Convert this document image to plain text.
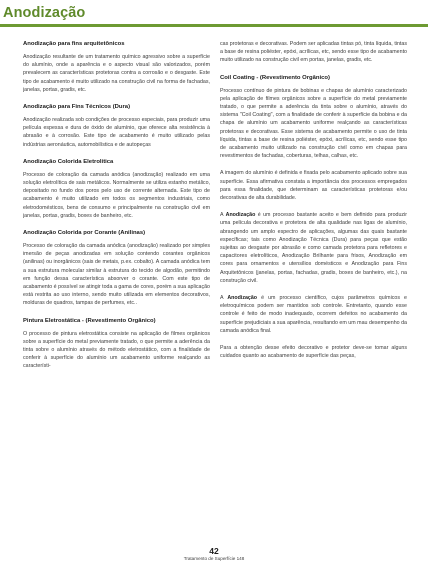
Anodização
Anodização para fins arquitetônicos

Anodização resultante de um tratamento químico agressivo sobre a superfície do alumínio, onde a aparência e o aspecto visual são valorizados, porém prevalecem as características protetoras contra a corrosão e o desgaste. Este tipo de acabamento é muito utilizado na construção civil na forma de fachadas, janelas, portas, gradis, etc.

Anodização para Fins Técnicos (Dura)

Anodização realizada sob condições de processo especiais, para produzir uma película espessa e dura de óxido de alumínio, que oferece alta resistência à abrasão e à corrosão. Este tipo de acabamento é muito utilizado pelas indústrias aeronáutica, automobilística e de autopeças

Anodização Colorida Eletrolítica

Processo de coloração da camada anódica (anodização) realizado em uma solução eletrolítica de sais metálicos. Normalmente se utiliza estanho metálico, depositado no fundo dos poros pelo uso de corrente alternada. Este tipo de acabamento é muito utilizado em todos os segmentos industriais, como eletrodomésticos, bens de consumo e principalmente na construção civil em janelas, portas, gradis, boxes de banheiro, etc.

Anodização Colorida por Corante (Anilinas)

Processo de coloração da camada anódica (anodização) realizado por simples imersão de peças anodizadas em solução contendo corantes orgânicos (anilinas) ou inorgânicos (sais de metais, p.ex. cobalto). A camada anódica tem a sua estrutura molecular similar à estrutura do tecido de algodão, permitindo em função dessa característica absorver o corante. Com este tipo de acabamento é possível se atingir toda a gama de cores, porém a sua aplicação está restrita ao uso interno, sendo muito utilizada em elementos decorativos, molduras de quadros, tampas de perfumes, etc..

Pintura Eletrostática - (Revestimento Orgânico)

O processo de pintura eletrostática consiste na aplicação de filmes orgânicos sobre a superfície do metal previamente tratado, o que permite a aderência da tinta sobre o alumínio através do método eletrostático, com a finalidade de conferir à superfície do alumínio um acabamento uniforme realçando as característi-

cas protetoras e decorativas. Podem ser aplicadas tintas pó, tinta líquida, tintas a base de resina poliéster, epóxi, acrílicas, etc, sendo esse tipo de acabamento muito utilizado na construção civil em portas, janelas, gradis, etc.

Coil Coating - (Revestimento Orgânico)

Processo contínuo de pintura de bobinas e chapas de alumínio caracterizado pela aplicação de filmes orgânicos sobre a superfície do metal previamente tratado, o que permite a aderência da tinta sobre o alumínio, através do sistema "Coil Coating", com a finalidade de conferir à superfície da bobina e da chapa de alumínio um acabamento uniforme realçando as características protetoras e decorativas. Esse sistema de acabamento permite o uso de tinta líquida, tintas a base de resina poliéster, epóxi, acrílicas, etc, sendo esse tipo de acabamento muito utilizado na construção civil como em chapas para revestimentos de fachadas, coberturas, telhas, calhas, etc.

A imagem do alumínio é definida e fixada pelo acabamento aplicado sobre sua superfície. Essa afirmativa constata a importância dos processos empregados para essa finalidade, que determinam as características protetoras e/ou decorativas de alta durabilidade.

A Anodização é um processo bastante aceito e bem definido para produzir uma película decorativa e protetora de alta qualidade nas ligas de alumínio, abrangendo um amplo espectro de aplicações, algumas das quais bastante específicas; tais como Anodização Técnica (Dura) para peças que estão sujeitas ao desgaste por abrasão e como camada protetora para refletores e capacitores eletrolíticos, Anodização Brilhante para frisos, Anodização em cores para ornamentos e utensílios domésticos e Anodização para Fins Arquitetônicos (janelas, portas, fachadas, gradis, boxes de banheiro, etc.), na construção civil.

A Anodização é um processo científico, cujos parâmetros químicos e eletroquímicos podem ser mantidos sob controle. Entretanto, quando esse controle é feito de modo inadequado, ocorrem defeitos no acabamento da superfície prejudiciais a sua aparência, resultando em um mau desempenho da camada anódica final.

Para a obtenção desse efeito decorativo e protetor deve-se tomar alguns cuidados quanto ao acabamento de superfície das peças,

42
Tratamento de Superfície 148
